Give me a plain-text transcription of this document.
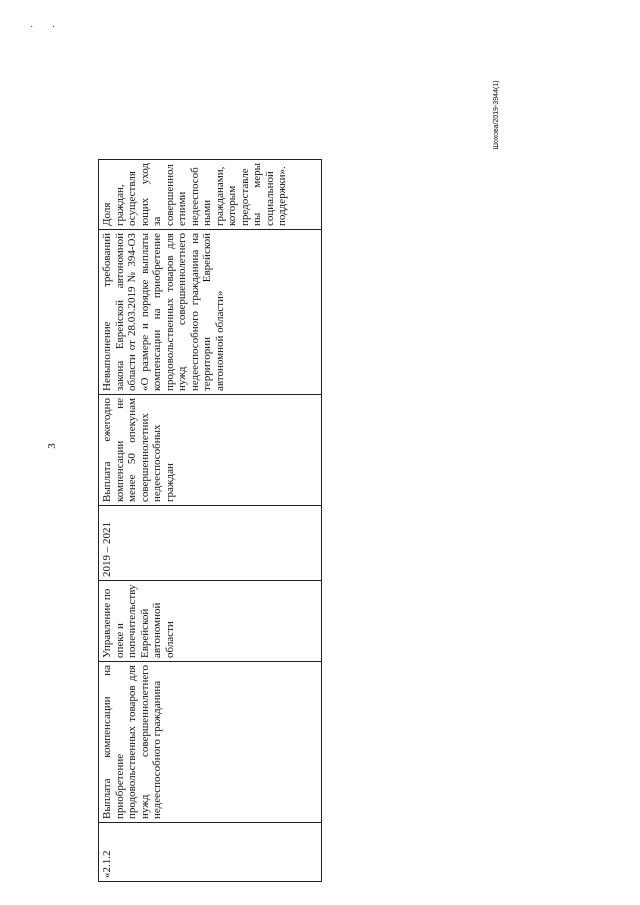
· ·
3
Шохова/2019-3944(1)
«2.1.2	Выплата компенсации на приобретение продовольственных товаров для нужд совершеннолетнего недееспособного гражданина	Управление по опеке и попечительству Еврейской автономной области	2019 – 2021	Выплата ежегодно компенсации не менее 50 опекунам совершеннолетних недееспособных граждан	Невыполнение требований закона Еврейской автономной области от 28.03.2019 № 394-ОЗ «О размере и порядке выплаты компенсации на приобретение продовольственных товаров для нужд совершеннолетнего недееспособного гражданина на территории Еврейской автономной области»	Доля граждан, осуществляющих уход за совершеннолетними недееспособными гражданами, которым предоставлены меры социальной поддержки».
